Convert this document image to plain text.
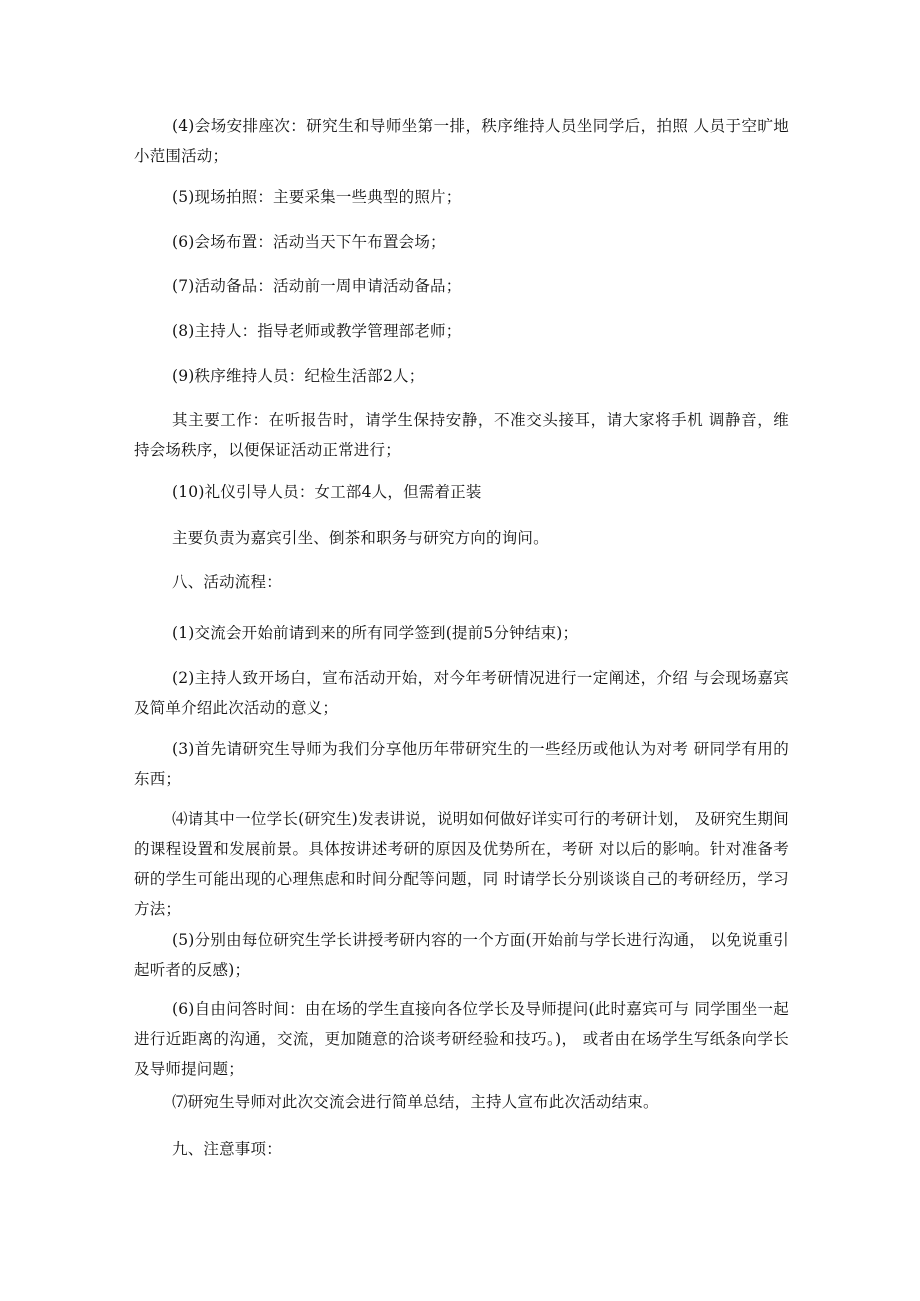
(4)会场安排座次：研究生和导师坐第一排，秩序维持人员坐同学后，拍照 人员于空旷地小范围活动；

(5)现场拍照：主要采集一些典型的照片；

(6)会场布置：活动当天下午布置会场；

(7)活动备品：活动前一周申请活动备品；

(8)主持人：指导老师或教学管理部老师；

(9)秩序维持人员：纪检生活部2人；

其主要工作：在听报告时，请学生保持安静，不准交头接耳，请大家将手机 调静音，维持会场秩序，以便保证活动正常进行；

(10)礼仪引导人员：女工部4人，但需着正装

主要负责为嘉宾引坐、倒茶和职务与研究方向的询问。

八、活动流程：

(1)交流会开始前请到来的所有同学签到(提前5分钟结束)；

(2)主持人致开场白，宣布活动开始，对今年考研情况进行一定阐述，介绍 与会现场嘉宾及简单介绍此次活动的意义；

(3)首先请研究生导师为我们分享他历年带研究生的一些经历或他认为对考 研同学有用的东西；

⑷请其中一位学长(研究生)发表讲说，说明如何做好详实可行的考研计划， 及研究生期间的课程设置和发展前景。具体按讲述考研的原因及优势所在，考研 对以后的影响。针对准备考研的学生可能出现的心理焦虑和时间分配等问题，同 时请学长分别谈谈自己的考研经历，学习方法；

(5)分别由每位研究生学长讲授考研内容的一个方面(开始前与学长进行沟通， 以免说重引起听者的反感)；

(6)自由问答时间：由在场的学生直接向各位学长及导师提问(此时嘉宾可与 同学围坐一起进行近距离的沟通，交流，更加随意的洽谈考研经验和技巧。)， 或者由在场学生写纸条向学长及导师提问题；

⑺研宛生导师对此次交流会进行简单总结，主持人宣布此次活动结束。

九、注意事项：
